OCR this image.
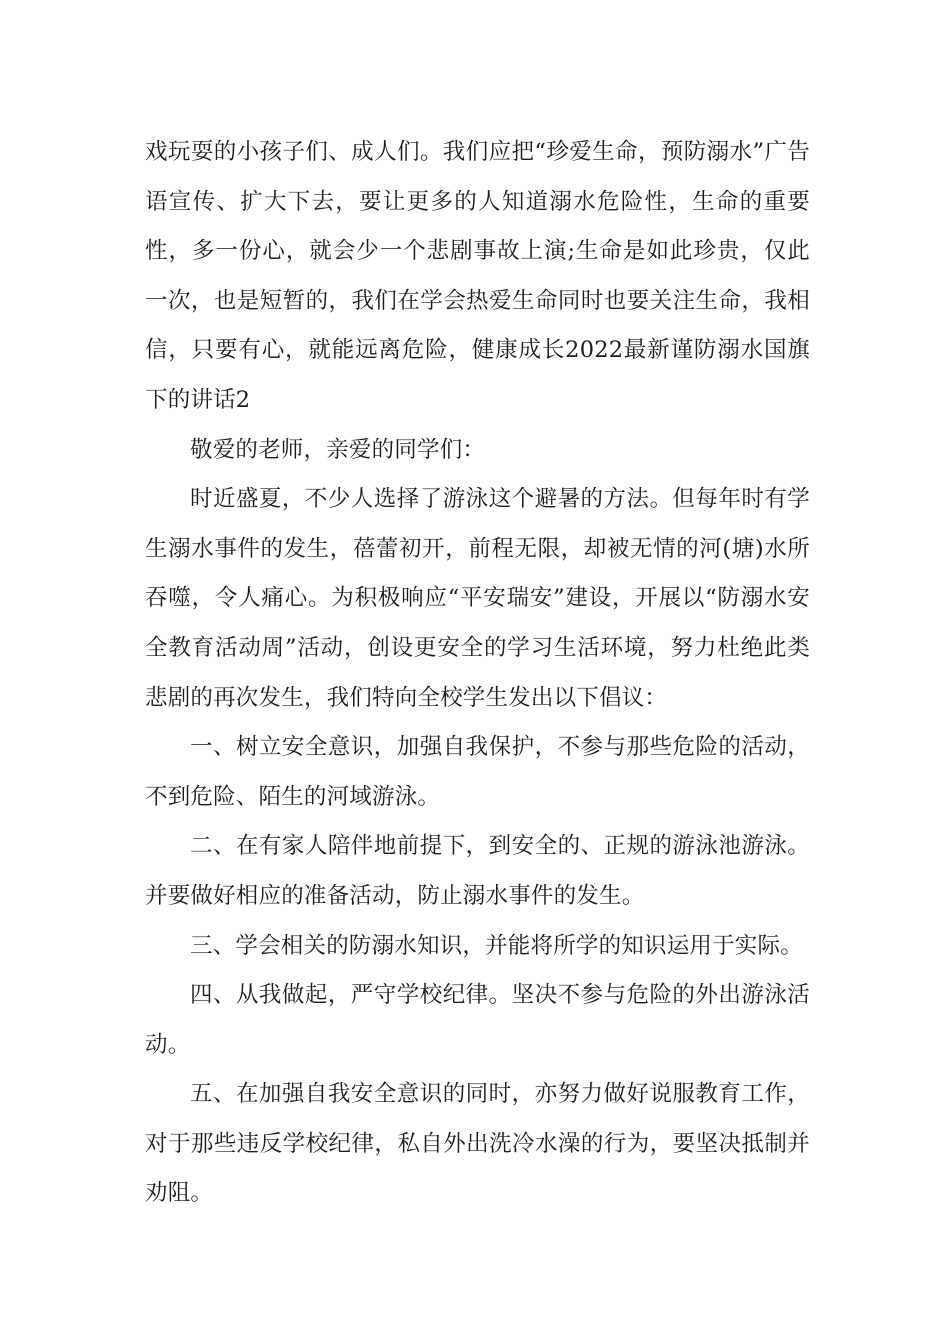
戏玩耍的小孩子们、成人们。我们应把“珍爱生命，预防溺水”广告语宣传、扩大下去，要让更多的人知道溺水危险性，生命的重要性，多一份心，就会少一个悲剧事故上演;生命是如此珍贵，仅此一次，也是短暂的，我们在学会热爱生命同时也要关注生命，我相信，只要有心，就能远离危险，健康成长2022最新谨防溺水国旗下的讲话2

敬爱的老师，亲爱的同学们：

时近盛夏，不少人选择了游泳这个避暑的方法。但每年时有学生溺水事件的发生，蓓蕾初开，前程无限，却被无情的河(塘)水所吞噬，令人痛心。为积极响应“平安瑞安”建设，开展以“防溺水安全教育活动周”活动，创设更安全的学习生活环境，努力杜绝此类悲剧的再次发生，我们特向全校学生发出以下倡议：

一、树立安全意识，加强自我保护，不参与那些危险的活动，不到危险、陌生的河域游泳。

二、在有家人陪伴地前提下，到安全的、正规的游泳池游泳。并要做好相应的准备活动，防止溺水事件的发生。

三、学会相关的防溺水知识，并能将所学的知识运用于实际。

四、从我做起，严守学校纪律。坚决不参与危险的外出游泳活动。

五、在加强自我安全意识的同时，亦努力做好说服教育工作，对于那些违反学校纪律，私自外出洗冷水澡的行为，要坚决抵制并劝阻。
